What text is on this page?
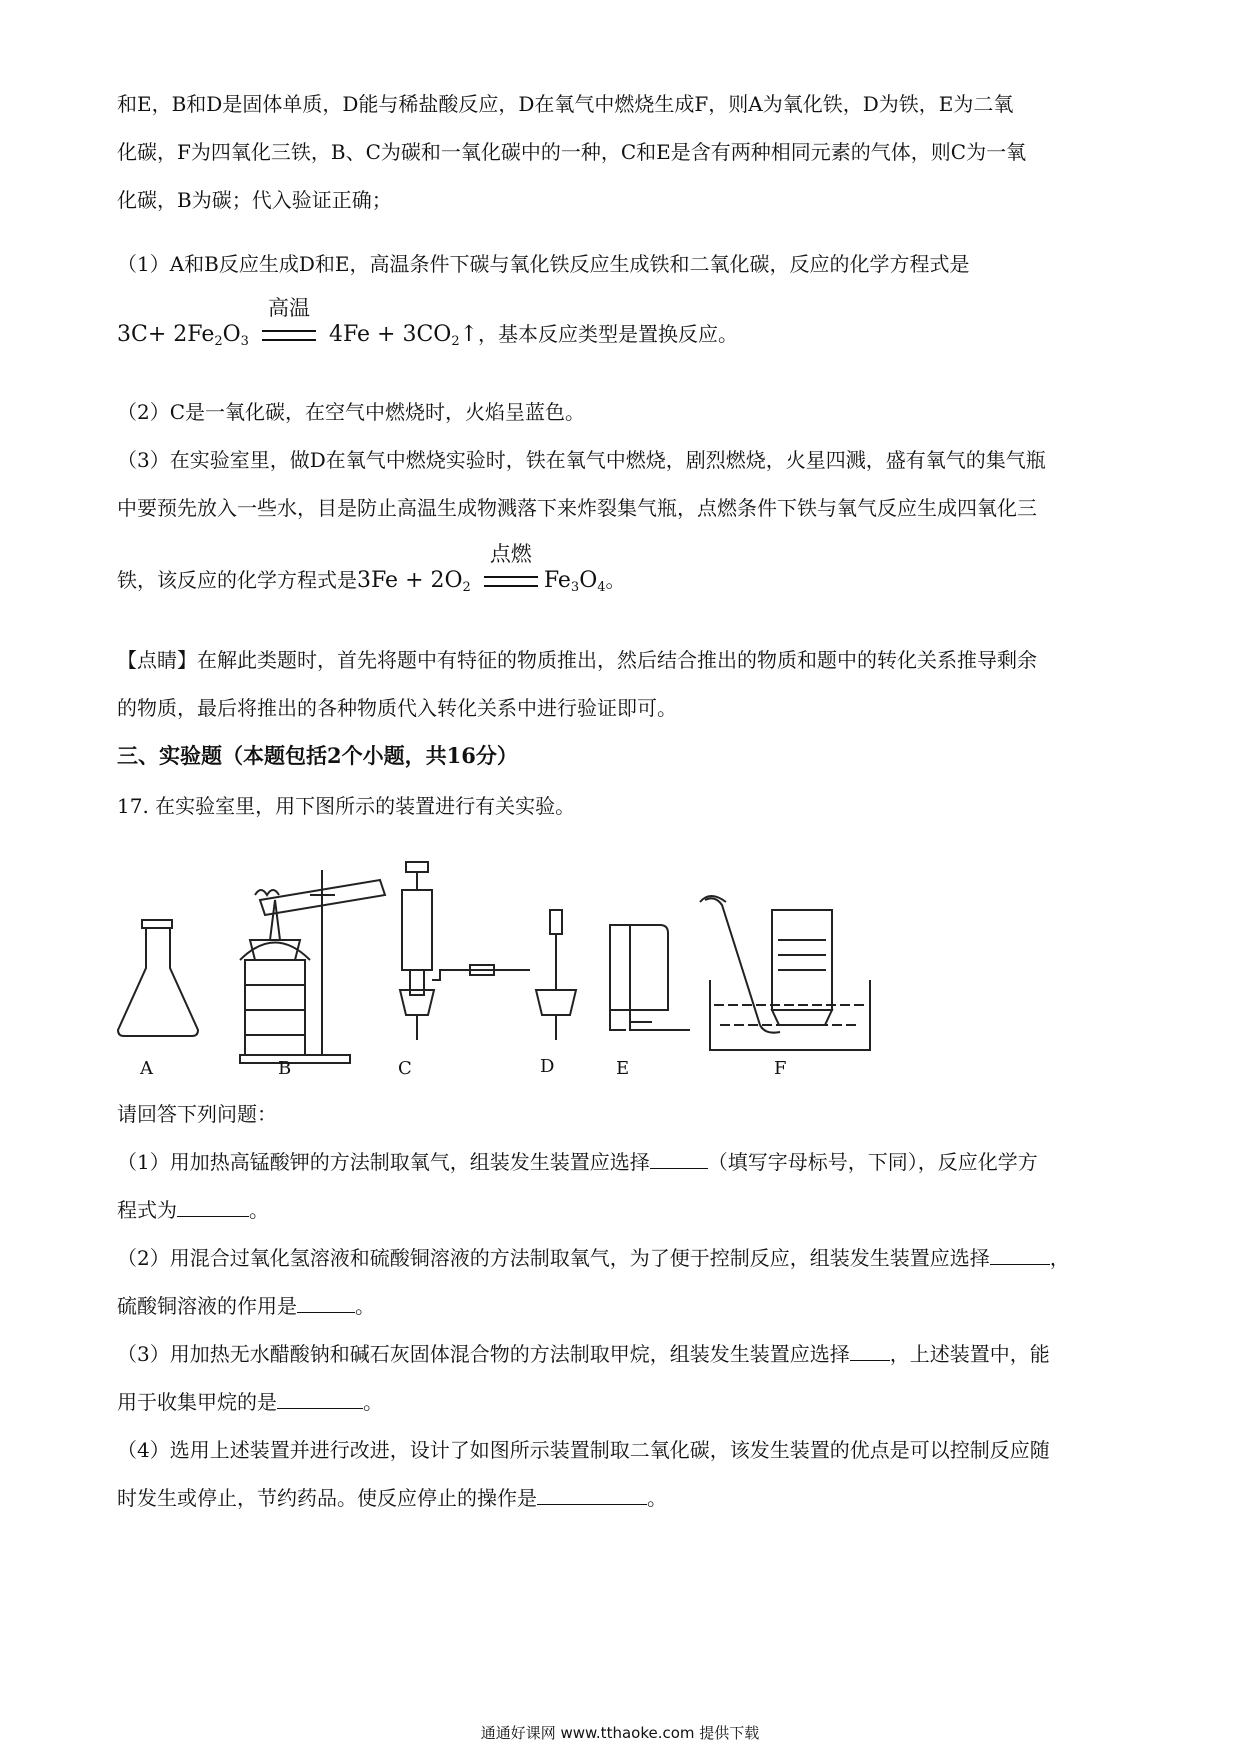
和E，B和D是固体单质，D能与稀盐酸反应，D在氧气中燃烧生成F，则A为氧化铁，D为铁，E为二氧
化碳，F为四氧化三铁，B、C为碳和一氧化碳中的一种，C和E是含有两种相同元素的气体，则C为一氧
化碳，B为碳；代入验证正确；
（1）A和B反应生成D和E，高温条件下碳与氧化铁反应生成铁和二氧化碳，反应的化学方程式是
$3C+ 2Fe_2O_3$
高温
$4Fe + 3CO_2↑$，基本反应类型是置换反应。
（2）C是一氧化碳，在空气中燃烧时，火焰呈蓝色。
（3）在实验室里，做D在氧气中燃烧实验时，铁在氧气中燃烧，剧烈燃烧，火星四溅，盛有氧气的集气瓶
中要预先放入一些水，目是防止高温生成物溅落下来炸裂集气瓶，点燃条件下铁与氧气反应生成四氧化三
铁，该反应的化学方程式是$3Fe + 2O_2$
点燃
$Fe_3O_4$。
【点睛】在解此类题时，首先将题中有特征的物质推出，然后结合推出的物质和题中的转化关系推导剩余
的物质，最后将推出的各种物质代入转化关系中进行验证即可。
三、实验题（本题包括2个小题，共16分）
17. 在实验室里，用下图所示的装置进行有关实验。
A	B	C	D	E	F
请回答下列问题：
（1）用加热高锰酸钾的方法制取氧气，组装发生装置应选择	（填写字母标号，下同），反应化学方
程式为	。
（2）用混合过氧化氢溶液和硫酸铜溶液的方法制取氧气，为了便于控制反应，组装发生装置应选择	，
硫酸铜溶液的作用是	。
（3）用加热无水醋酸钠和碱石灰固体混合物的方法制取甲烷，组装发生装置应选择 ，上述装置中，能
用于收集甲烷的是	。
（4）选用上述装置并进行改进，设计了如图所示装置制取二氧化碳，该发生装置的优点是可以控制反应随
时发生或停止，节约药品。使反应停止的操作是	。
通通好课网 www.tthaoke.com 提供下载
